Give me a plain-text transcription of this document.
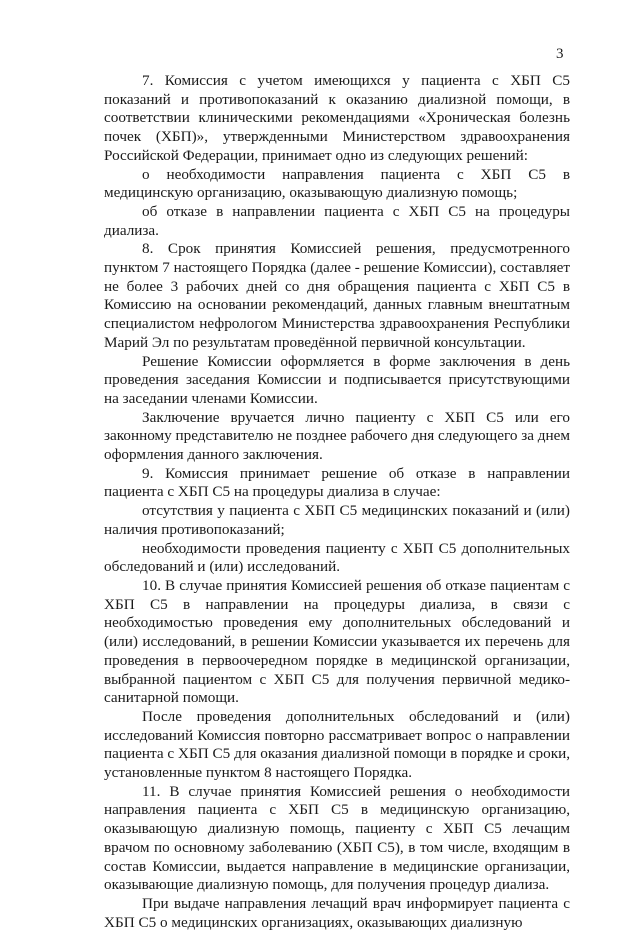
3

7. Комиссия с учетом имеющихся у пациента с ХБП С5 показаний и противопоказаний к оказанию диализной помощи, в соответствии клиническими рекомендациями «Хроническая болезнь почек (ХБП)», утвержденными Министерством здравоохранения Российской Федерации, принимает одно из следующих решений:

о необходимости направления пациента с ХБП С5 в медицинскую организацию, оказывающую диализную помощь;

об отказе в направлении пациента с ХБП С5 на процедуры диализа.

8. Срок принятия Комиссией решения, предусмотренного пунктом 7 настоящего Порядка (далее - решение Комиссии), составляет не более 3 рабочих дней со дня обращения пациента с ХБП С5 в Комиссию на основании рекомендаций, данных главным внештатным специалистом нефрологом Министерства здравоохранения Республики Марий Эл по результатам проведённой первичной консультации.

Решение Комиссии оформляется в форме заключения в день проведения заседания Комиссии и подписывается присутствующими на заседании членами Комиссии.

Заключение вручается лично пациенту с ХБП С5 или его законному представителю не позднее рабочего дня следующего за днем оформления данного заключения.

9. Комиссия принимает решение об отказе в направлении пациента с ХБП С5 на процедуры диализа в случае:

отсутствия у пациента с ХБП С5 медицинских показаний и (или) наличия противопоказаний;

необходимости проведения пациенту с ХБП С5 дополнительных обследований и (или) исследований.

10. В случае принятия Комиссией решения об отказе пациентам с ХБП С5 в направлении на процедуры диализа, в связи с необходимостью проведения ему дополнительных обследований и (или) исследований, в решении Комиссии указывается их перечень для проведения в первоочередном порядке в медицинской организации, выбранной пациентом с ХБП С5 для получения первичной медико-санитарной помощи.

После проведения дополнительных обследований и (или) исследований Комиссия повторно рассматривает вопрос о направлении пациента с ХБП С5 для оказания диализной помощи в порядке и сроки, установленные пунктом 8 настоящего Порядка.

11. В случае принятия Комиссией решения о необходимости направления пациента с ХБП С5 в медицинскую организацию, оказывающую диализную помощь, пациенту с ХБП С5 лечащим врачом по основному заболеванию (ХБП С5), в том числе, входящим в состав Комиссии, выдается направление в медицинские организации, оказывающие диализную помощь, для получения процедур диализа.

При выдаче направления лечащий врач информирует пациента с ХБП С5 о медицинских организациях, оказывающих диализную
